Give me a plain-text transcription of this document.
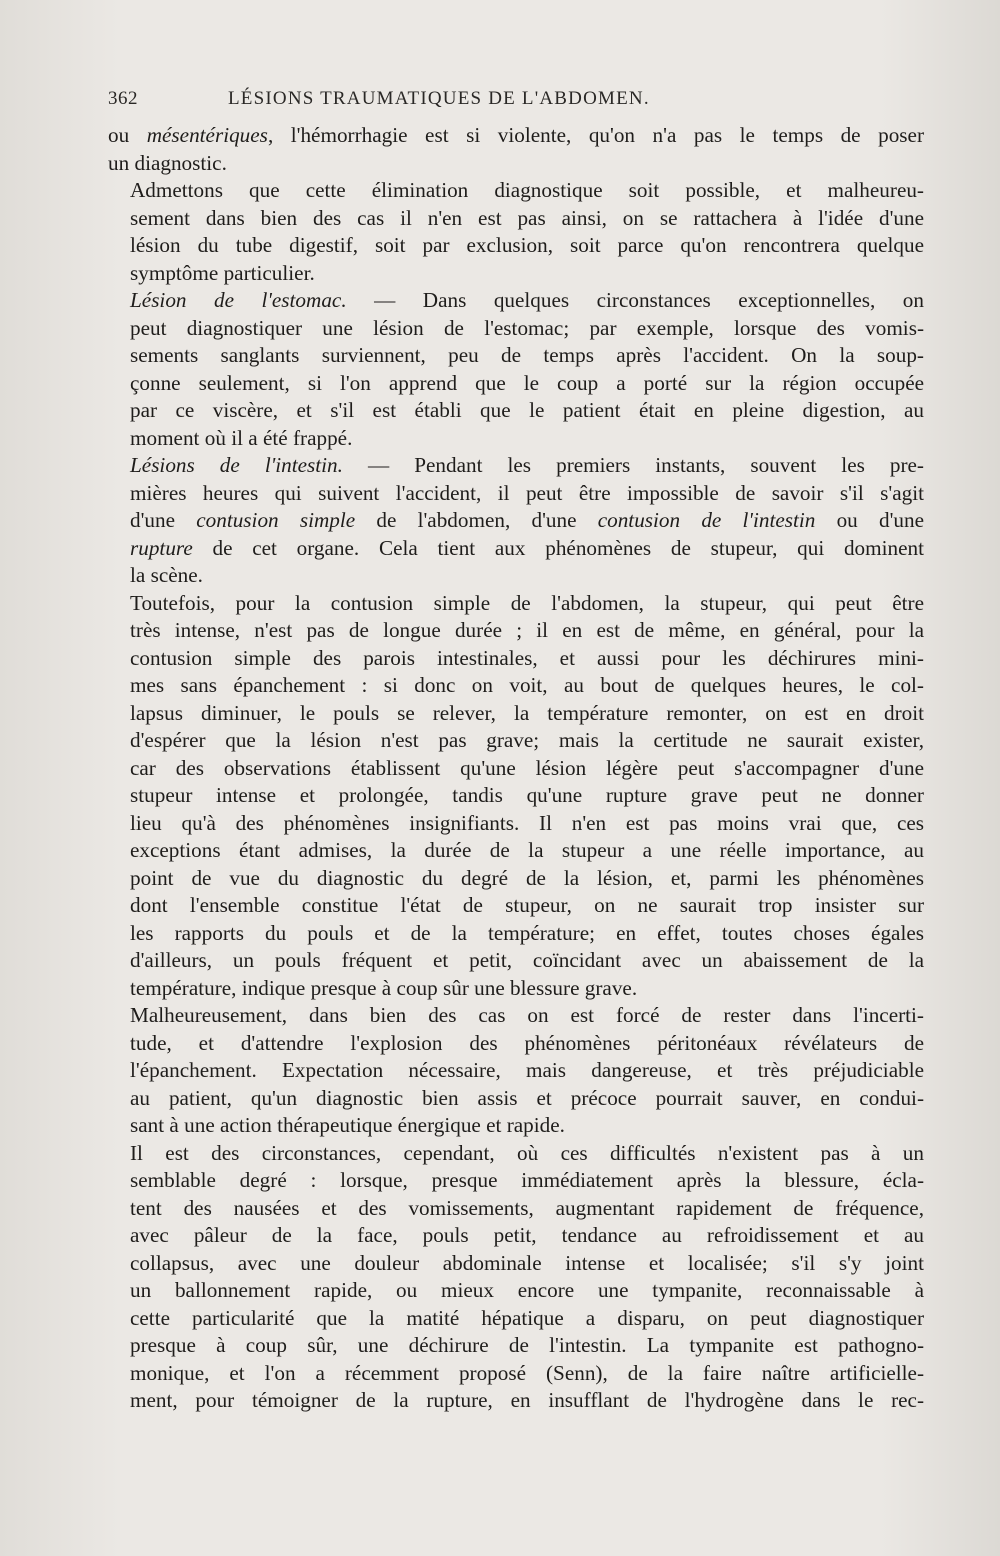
362	LÉSIONS TRAUMATIQUES DE L'ABDOMEN.

ou mésentériques, l'hémorrhagie est si violente, qu'on n'a pas le temps de poser
un diagnostic.

Admettons que cette élimination diagnostique soit possible, et malheureu-
sement dans bien des cas il n'en est pas ainsi, on se rattachera à l'idée d'une
lésion du tube digestif, soit par exclusion, soit parce qu'on rencontrera quelque
symptôme particulier.

Lésion de l'estomac. — Dans quelques circonstances exceptionnelles, on
peut diagnostiquer une lésion de l'estomac; par exemple, lorsque des vomis-
sements sanglants surviennent, peu de temps après l'accident. On la soup-
çonne seulement, si l'on apprend que le coup a porté sur la région occupée
par ce viscère, et s'il est établi que le patient était en pleine digestion, au
moment où il a été frappé.

Lésions de l'intestin. — Pendant les premiers instants, souvent les pre-
mières heures qui suivent l'accident, il peut être impossible de savoir s'il s'agit
d'une contusion simple de l'abdomen, d'une contusion de l'intestin ou d'une
rupture de cet organe. Cela tient aux phénomènes de stupeur, qui dominent
la scène.

Toutefois, pour la contusion simple de l'abdomen, la stupeur, qui peut être
très intense, n'est pas de longue durée ; il en est de même, en général, pour la
contusion simple des parois intestinales, et aussi pour les déchirures mini-
mes sans épanchement : si donc on voit, au bout de quelques heures, le col-
lapsus diminuer, le pouls se relever, la température remonter, on est en droit
d'espérer que la lésion n'est pas grave; mais la certitude ne saurait exister,
car des observations établissent qu'une lésion légère peut s'accompagner d'une
stupeur intense et prolongée, tandis qu'une rupture grave peut ne donner
lieu qu'à des phénomènes insignifiants. Il n'en est pas moins vrai que, ces
exceptions étant admises, la durée de la stupeur a une réelle importance, au
point de vue du diagnostic du degré de la lésion, et, parmi les phénomènes
dont l'ensemble constitue l'état de stupeur, on ne saurait trop insister sur
les rapports du pouls et de la température; en effet, toutes choses égales
d'ailleurs, un pouls fréquent et petit, coïncidant avec un abaissement de la
température, indique presque à coup sûr une blessure grave.

Malheureusement, dans bien des cas on est forcé de rester dans l'incerti-
tude, et d'attendre l'explosion des phénomènes péritonéaux révélateurs de
l'épanchement. Expectation nécessaire, mais dangereuse, et très préjudiciable
au patient, qu'un diagnostic bien assis et précoce pourrait sauver, en condui-
sant à une action thérapeutique énergique et rapide.

Il est des circonstances, cependant, où ces difficultés n'existent pas à un
semblable degré : lorsque, presque immédiatement après la blessure, écla-
tent des nausées et des vomissements, augmentant rapidement de fréquence,
avec pâleur de la face, pouls petit, tendance au refroidissement et au
collapsus, avec une douleur abdominale intense et localisée; s'il s'y joint
un ballonnement rapide, ou mieux encore une tympanite, reconnaissable à
cette particularité que la matité hépatique a disparu, on peut diagnostiquer
presque à coup sûr, une déchirure de l'intestin. La tympanite est pathogno-
monique, et l'on a récemment proposé (Senn), de la faire naître artificielle-
ment, pour témoigner de la rupture, en insufflant de l'hydrogène dans le rec-
